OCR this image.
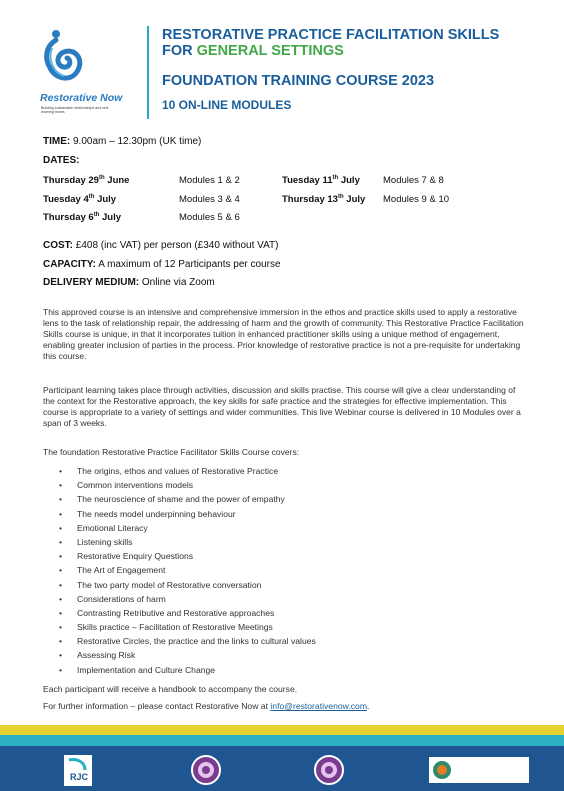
Restorative Now
Building sustainable relationships and self-learning teams
RESTORATIVE PRACTICE FACILITATION SKILLS
FOR GENERAL SETTINGS
FOUNDATION TRAINING COURSE 2023
10 ON-LINE MODULES
TIME: 9.00am – 12.30pm (UK time)
DATES:
Thursday 29th June	Modules 1 & 2
Tuesday 4th July	Modules 3 & 4
Thursday 6th July	Modules 5 & 6
Tuesday 11th July Modules 7 & 8
Thursday 13th July Modules 9 & 10
COST: £408 (inc VAT) per person (£340 without VAT)
CAPACITY: A maximum of 12 Participants per course
DELIVERY MEDIUM: Online via Zoom
This approved course is an intensive and comprehensive immersion in the ethos and practice skills used to apply a restorative lens to the task of relationship repair, the addressing of harm and the growth of community. This Restorative Practice Facilitation Skills course is unique, in that it incorporates tuition in enhanced practitioner skills using a unique method of engagement, enabling greater inclusion of parties in the process. Prior knowledge of restorative practice is not a pre-requisite for undertaking this course.
Participant learning takes place through activities, discussion and skills practise. This course will give a clear understanding of the context for the Restorative approach, the key skills for safe practice and the strategies for effective implementation. This course is appropriate to a variety of settings and wider communities. This live Webinar course is delivered in 10 Modules over a span of 3 weeks.
The foundation Restorative Practice Facilitator Skills Course covers:
• The origins, ethos and values of Restorative Practice
• Common interventions models
• The neuroscience of shame and the power of empathy
• The needs model underpinning behaviour
• Emotional Literacy
• Listening skills
• Restorative Enquiry Questions
• The Art of Engagement
• The two party model of Restorative conversation
• Considerations of harm
• Contrasting Retributive and Restorative approaches
• Skills practice – Facilitation of Restorative Meetings
• Restorative Circles, the practice and the links to cultural values
• Assessing Risk
• Implementation and Culture Change
Each participant will receive a handbook to accompany the course.
For further information – please contact Restorative Now at info@restorativenow.com.
RJC
